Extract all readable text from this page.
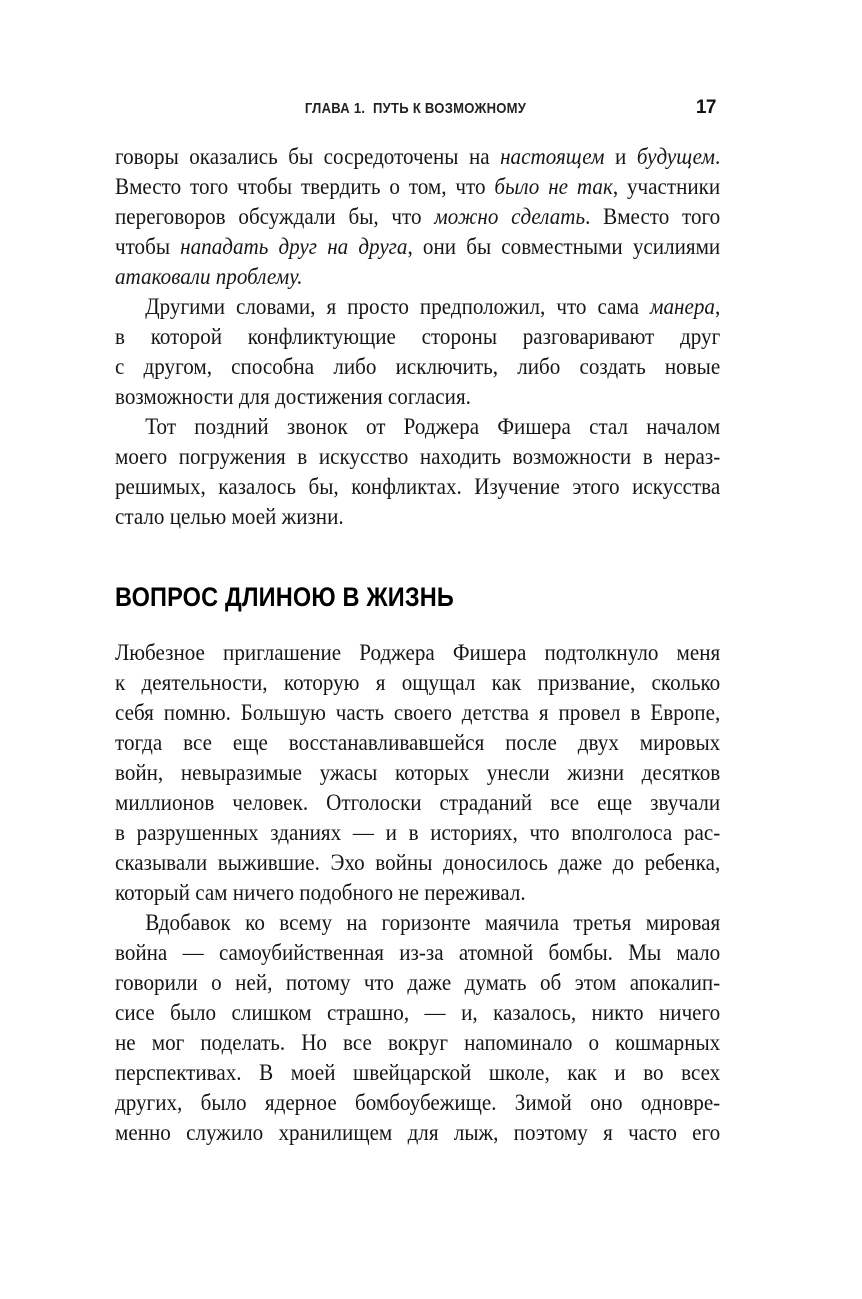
ГЛАВА 1.  ПУТЬ К ВОЗМОЖНОМУ	17
говоры оказались бы сосредоточены на настоящем и будущем.
Вместо того чтобы твердить о том, что было не так, участники
переговоров обсуждали бы, что можно сделать. Вместо того
чтобы нападать друг на друга, они бы совместными усилиями
атаковали проблему.
Другими словами, я просто предположил, что сама манера,
в которой конфликтующие стороны разговаривают друг
с другом, способна либо исключить, либо создать новые
возможности для достижения согласия.
Тот поздний звонок от Роджера Фишера стал началом
моего погружения в искусство находить возможности в нераз-
решимых, казалось бы, конфликтах. Изучение этого искусства
стало целью моей жизни.
ВОПРОС ДЛИНОЮ В ЖИЗНЬ
Любезное приглашение Роджера Фишера подтолкнуло меня
к деятельности, которую я ощущал как призвание, сколько
себя помню. Большую часть своего детства я провел в Европе,
тогда все еще восстанавливавшейся после двух мировых
войн, невыразимые ужасы которых унесли жизни десятков
миллионов человек. Отголоски страданий все еще звучали
в разрушенных зданиях — и в историях, что вполголоса рас-
сказывали выжившие. Эхо войны доносилось даже до ребенка,
который сам ничего подобного не переживал.
Вдобавок ко всему на горизонте маячила третья мировая
война — самоубийственная из-за атомной бомбы. Мы мало
говорили о ней, потому что даже думать об этом апокалип-
сисе было слишком страшно, — и, казалось, никто ничего
не мог поделать. Но все вокруг напоминало о кошмарных
перспективах. В моей швейцарской школе, как и во всех
других, было ядерное бомбоубежище. Зимой оно одновре-
менно служило хранилищем для лыж, поэтому я часто его
